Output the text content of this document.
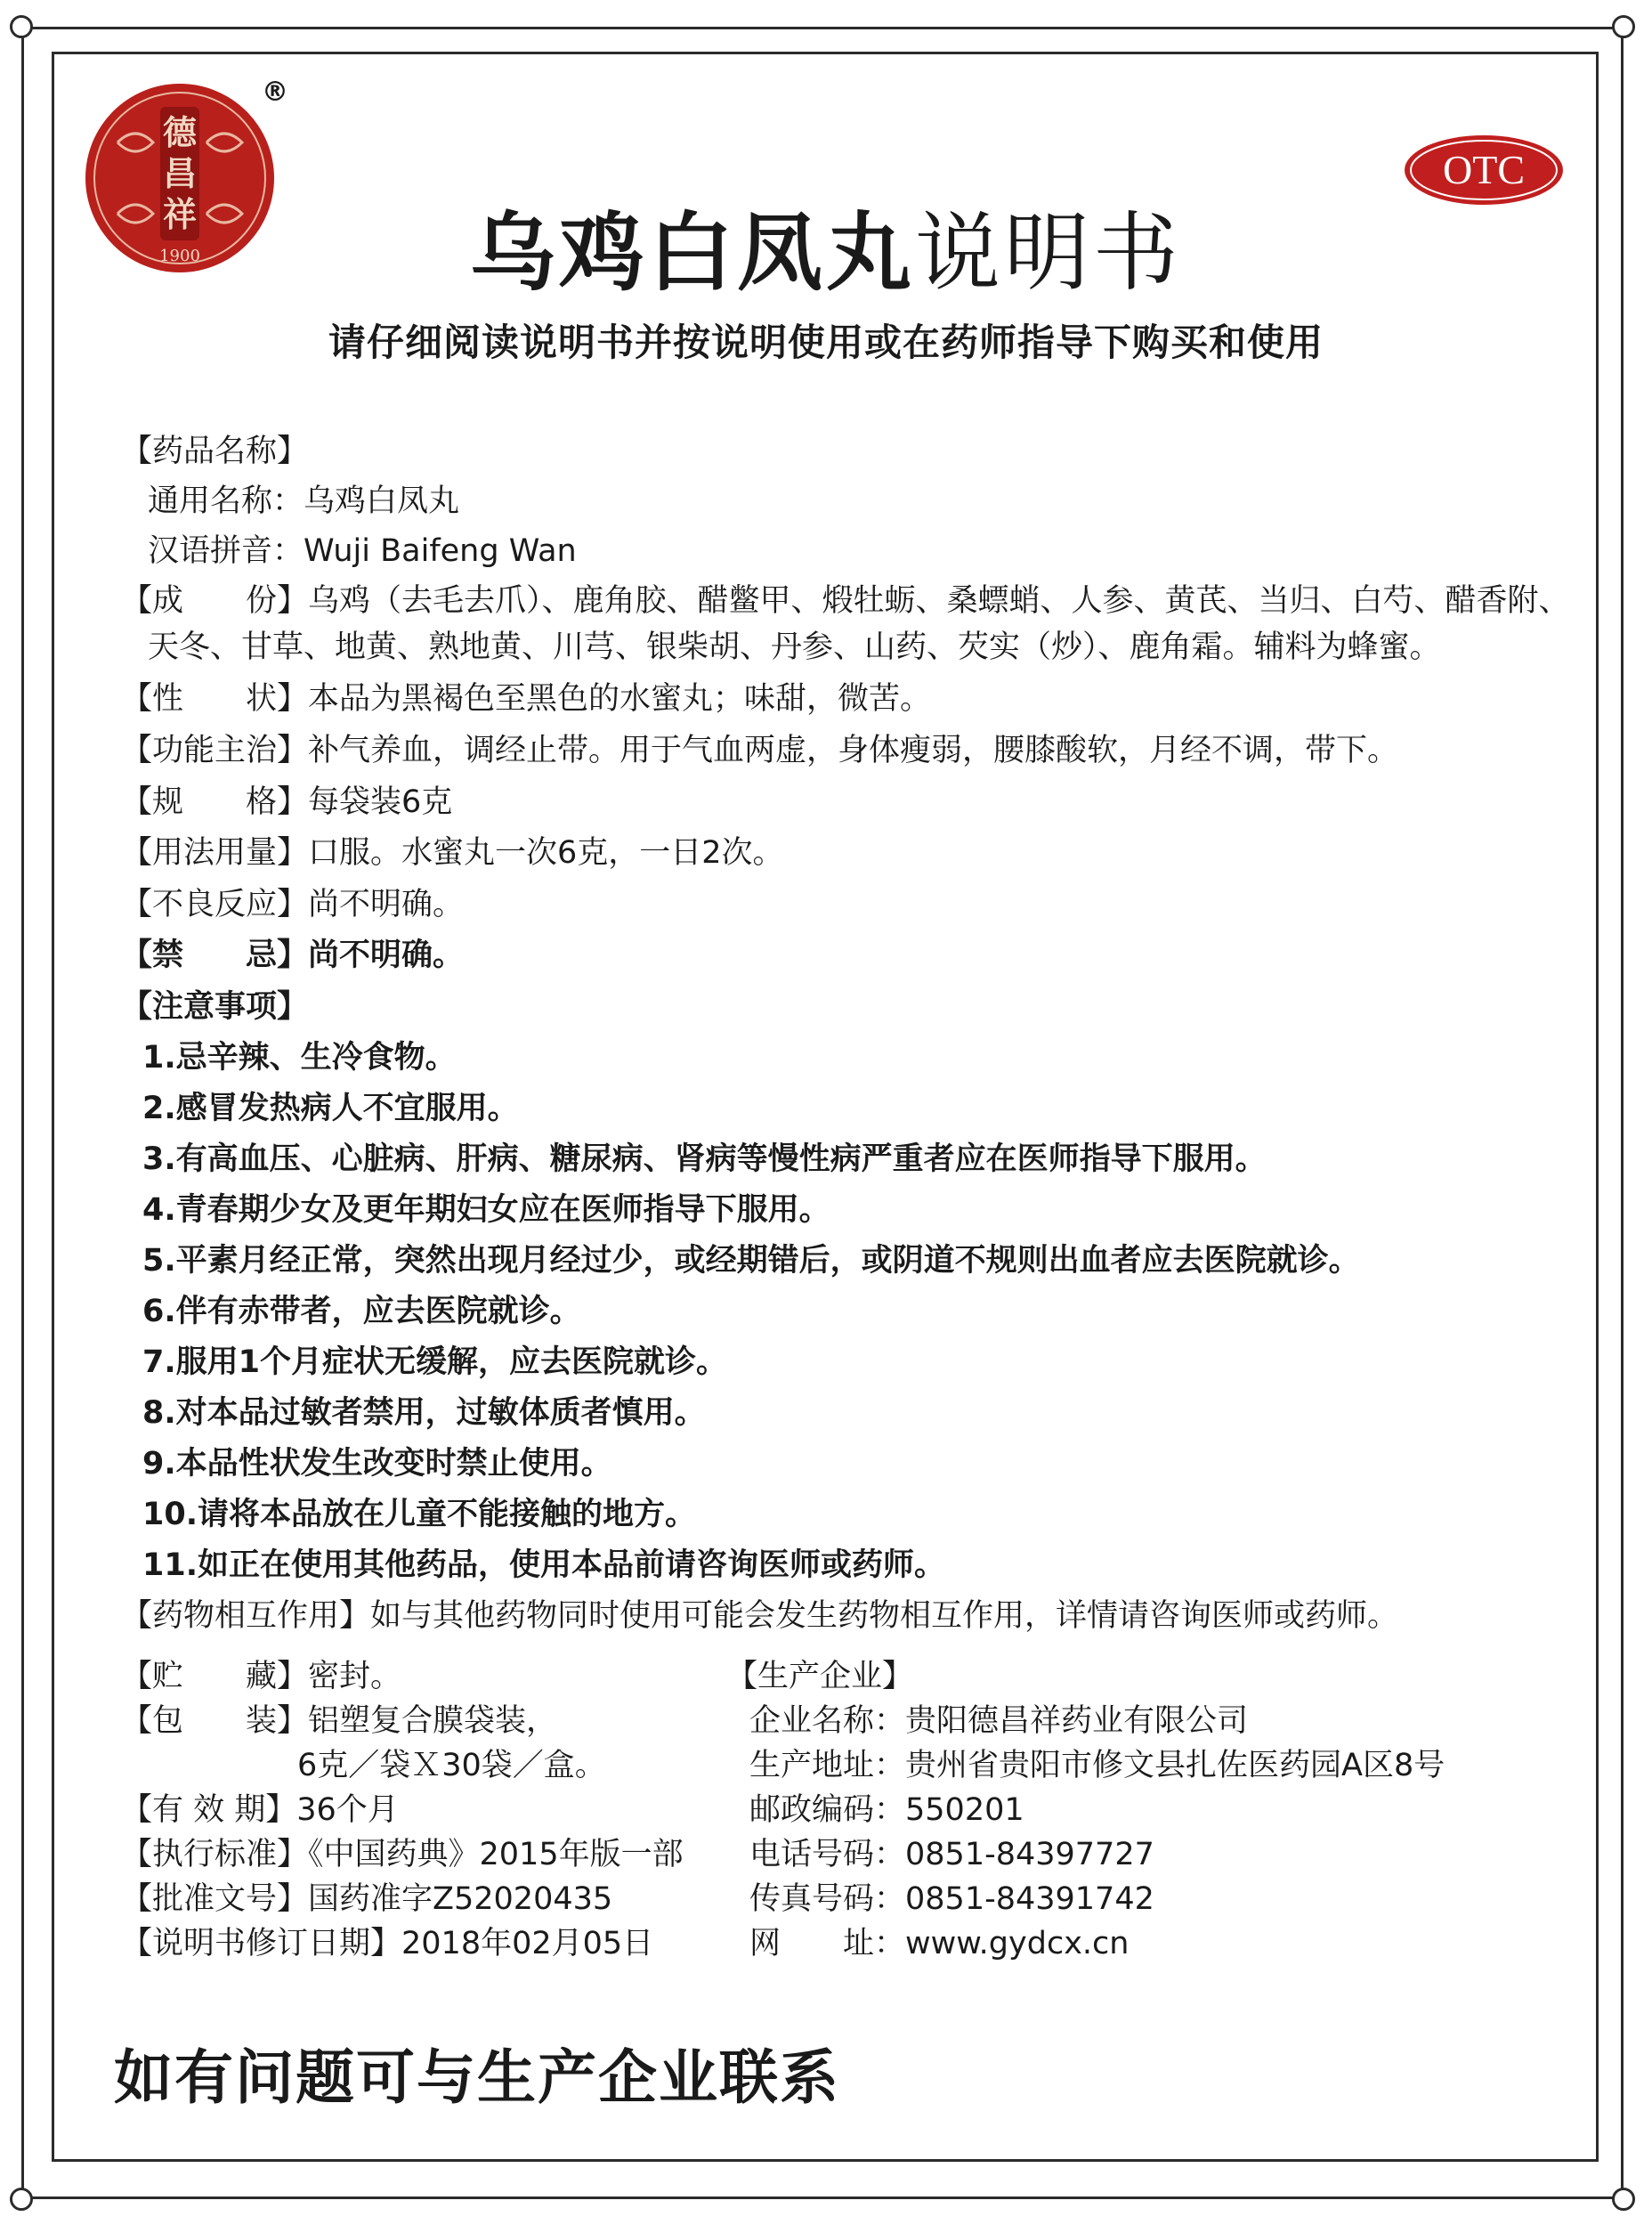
德
昌
祥
1900
®
OTC
乌鸡白凤丸说明书
请仔细阅读说明书并按说明使用或在药师指导下购买和使用
【药品名称】
通用名称：乌鸡白凤丸
汉语拼音：Wuji Baifeng Wan
【成　　份】乌鸡（去毛去爪）、鹿角胶、醋鳖甲、煅牡蛎、桑螵蛸、人参、黄芪、当归、白芍、醋香附、
天冬、甘草、地黄、熟地黄、川芎、银柴胡、丹参、山药、芡实（炒）、鹿角霜。辅料为蜂蜜。
【性　　状】本品为黑褐色至黑色的水蜜丸；味甜，微苦。
【功能主治】补气养血，调经止带。用于气血两虚，身体瘦弱，腰膝酸软，月经不调，带下。
【规　　格】每袋装6克
【用法用量】口服。水蜜丸一次6克，一日2次。
【不良反应】尚不明确。
【禁　　忌】尚不明确。
【注意事项】
1.忌辛辣、生冷食物。
2.感冒发热病人不宜服用。
3.有高血压、心脏病、肝病、糖尿病、肾病等慢性病严重者应在医师指导下服用。
4.青春期少女及更年期妇女应在医师指导下服用。
5.平素月经正常，突然出现月经过少，或经期错后，或阴道不规则出血者应去医院就诊。
6.伴有赤带者，应去医院就诊。
7.服用1个月症状无缓解，应去医院就诊。
8.对本品过敏者禁用，过敏体质者慎用。
9.本品性状发生改变时禁止使用。
10.请将本品放在儿童不能接触的地方。
11.如正在使用其他药品，使用本品前请咨询医师或药师。
【药物相互作用】如与其他药物同时使用可能会发生药物相互作用，详情请咨询医师或药师。
【贮　　藏】密封。
【包　　装】铝塑复合膜袋装，
6克／袋Ｘ30袋／盒。
【有 效 期】36个月
【执行标准】《中国药典》2015年版一部
【批准文号】国药准字Z52020435
【说明书修订日期】2018年02月05日
【生产企业】
企业名称：贵阳德昌祥药业有限公司
生产地址：贵州省贵阳市修文县扎佐医药园A区8号
邮政编码：550201
电话号码：0851-84397727
传真号码：0851-84391742
网　　址：www.gydcx.cn
如有问题可与生产企业联系
